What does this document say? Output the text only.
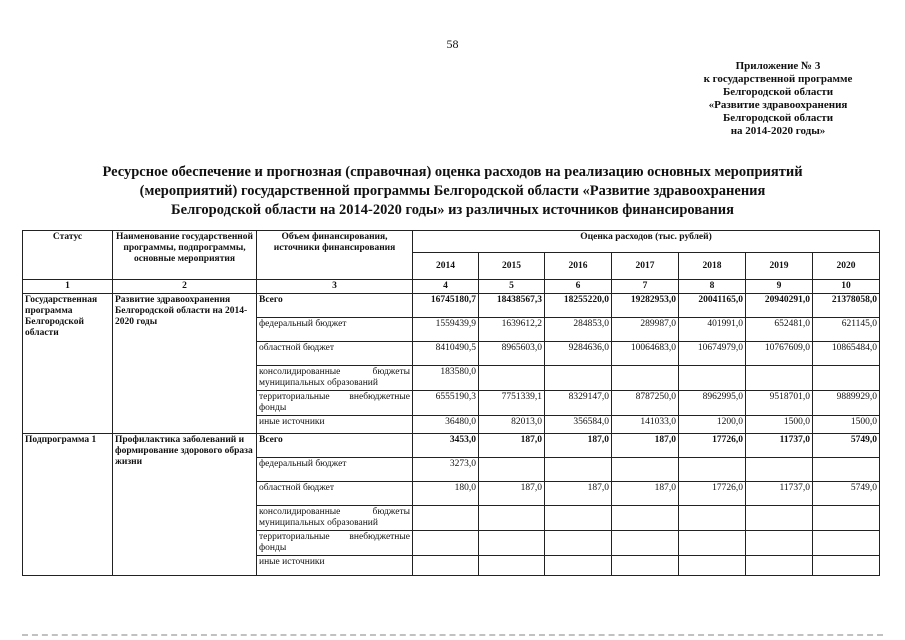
58
Приложение № 3
к государственной программе
Белгородской области
«Развитие здравоохранения
Белгородской области
на 2014-2020 годы»
Ресурсное обеспечение и прогнозная (справочная) оценка расходов на реализацию основных мероприятий
(мероприятий) государственной программы Белгородской области «Развитие здравоохранения
Белгородской области на 2014-2020 годы» из различных источников финансирования
Статус	Наименование государственной программы, подпрограммы, основные мероприятия	Объем финансирования, источники финансирования	Оценка расходов (тыс. рублей)						
			2014	2015	2016	2017	2018	2019	2020
1	2	3	4	5	6	7	8	9	10
Государственная программа Белгородской области	Развитие здравоохранения Белгородской области на 2014-2020 годы	Всего	16745180,7	18438567,3	18255220,0	19282953,0	20041165,0	20940291,0	21378058,0
		федеральный бюджет	1559439,9	1639612,2	284853,0	289987,0	401991,0	652481,0	621145,0
		областной бюджет	8410490,5	8965603,0	9284636,0	10064683,0	10674979,0	10767609,0	10865484,0
		консолидированные бюджеты муниципальных образований	183580,0						
		территориальные внебюджетные фонды	6555190,3	7751339,1	8329147,0	8787250,0	8962995,0	9518701,0	9889929,0
		иные источники	36480,0	82013,0	356584,0	141033,0	1200,0	1500,0	1500,0
Подпрограмма 1	Профилактика заболеваний и формирование здорового образа жизни	Всего	3453,0	187,0	187,0	187,0	17726,0	11737,0	5749,0
		федеральный бюджет	3273,0						
		областной бюджет	180,0	187,0	187,0	187,0	17726,0	11737,0	5749,0
		консолидированные бюджеты муниципальных образований							
		территориальные внебюджетные фонды							
		иные источники							
